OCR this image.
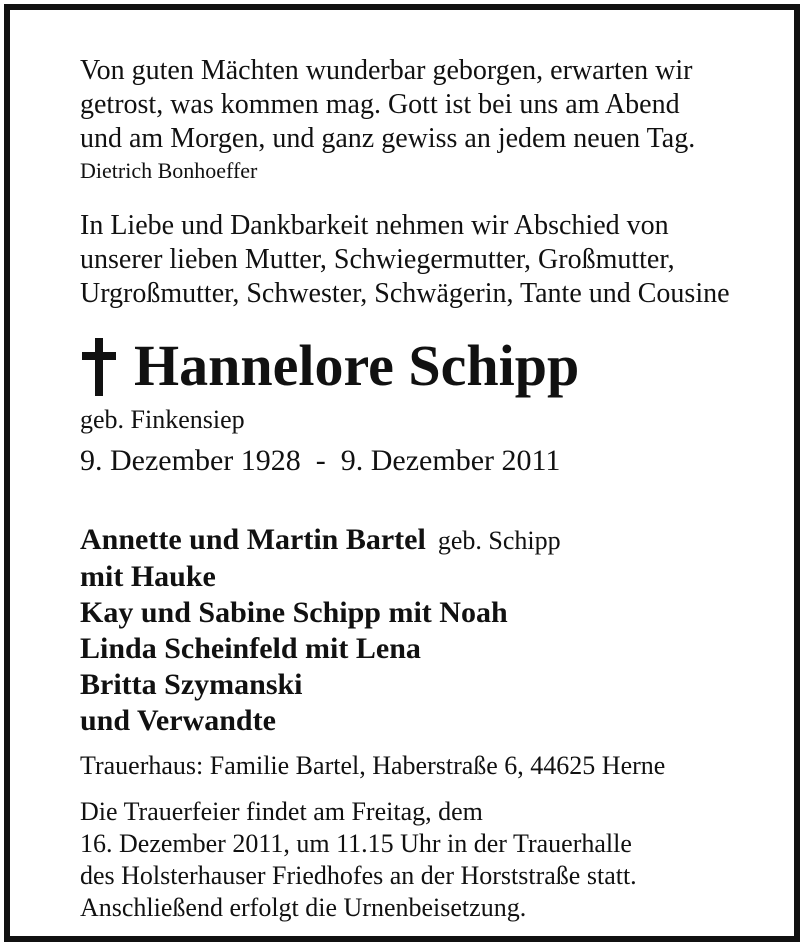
Von guten Mächten wunderbar geborgen, erwarten wir
getrost, was kommen mag. Gott ist bei uns am Abend
und am Morgen, und ganz gewiss an jedem neuen Tag.
Dietrich Bonhoeffer
In Liebe und Dankbarkeit nehmen wir Abschied von
unserer lieben Mutter, Schwiegermutter, Großmutter,
Urgroßmutter, Schwester, Schwägerin, Tante und Cousine
Hannelore Schipp
geb. Finkensiep
9. Dezember 1928  -  9. Dezember 2011
Annette und Martin Bartel geb. Schipp
mit Hauke
Kay und Sabine Schipp mit Noah
Linda Scheinfeld mit Lena
Britta Szymanski
und Verwandte
Trauerhaus: Familie Bartel, Haberstraße 6, 44625 Herne
Die Trauerfeier findet am Freitag, dem
16. Dezember 2011, um 11.15 Uhr in der Trauerhalle
des Holsterhauser Friedhofes an der Horststraße statt.
Anschließend erfolgt die Urnenbeisetzung.
